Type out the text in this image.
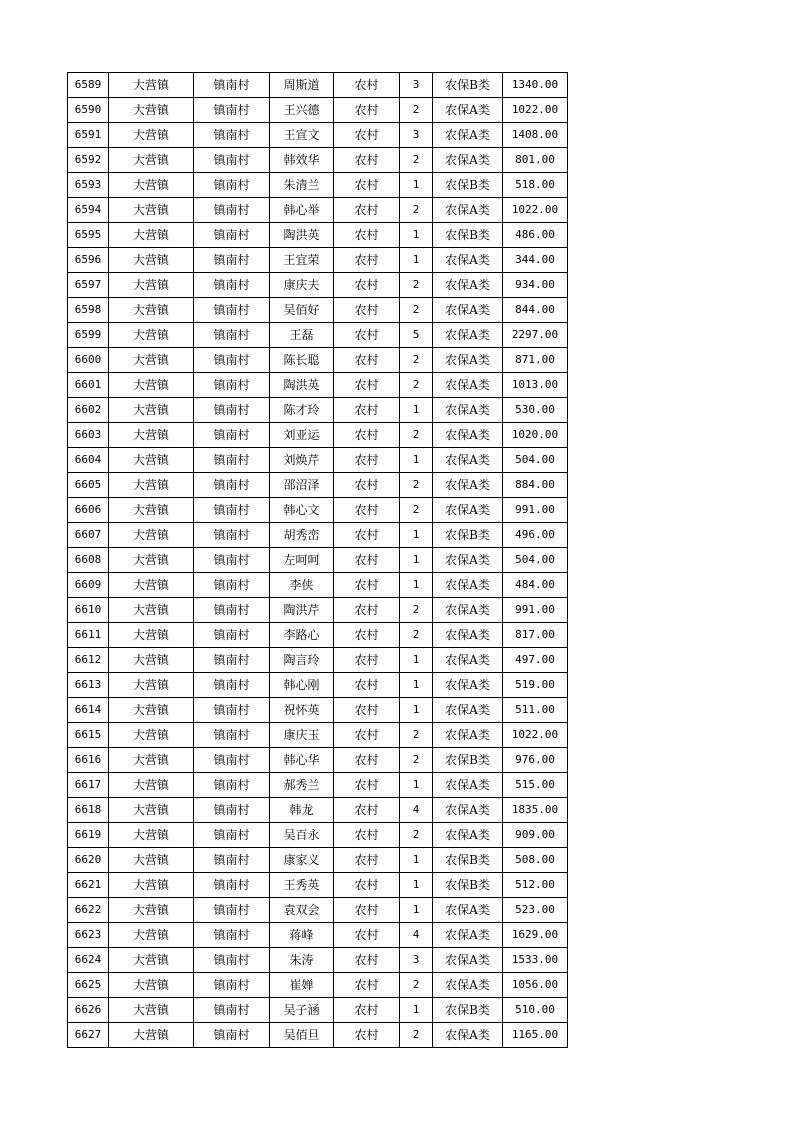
6589	大营镇	镇南村	周斯道	农村	3	农保B类	1340.00
6590	大营镇	镇南村	王兴德	农村	2	农保A类	1022.00
6591	大营镇	镇南村	王宣文	农村	3	农保A类	1408.00
6592	大营镇	镇南村	韩效华	农村	2	农保A类	801.00
6593	大营镇	镇南村	朱清兰	农村	1	农保B类	518.00
6594	大营镇	镇南村	韩心举	农村	2	农保A类	1022.00
6595	大营镇	镇南村	陶洪英	农村	1	农保B类	486.00
6596	大营镇	镇南村	王宜荣	农村	1	农保A类	344.00
6597	大营镇	镇南村	康庆夫	农村	2	农保A类	934.00
6598	大营镇	镇南村	吴佰好	农村	2	农保A类	844.00
6599	大营镇	镇南村	王磊	农村	5	农保A类	2297.00
6600	大营镇	镇南村	陈长聪	农村	2	农保A类	871.00
6601	大营镇	镇南村	陶洪英	农村	2	农保A类	1013.00
6602	大营镇	镇南村	陈才玲	农村	1	农保A类	530.00
6603	大营镇	镇南村	刘亚运	农村	2	农保A类	1020.00
6604	大营镇	镇南村	刘焕芹	农村	1	农保A类	504.00
6605	大营镇	镇南村	邵沼泽	农村	2	农保A类	884.00
6606	大营镇	镇南村	韩心文	农村	2	农保A类	991.00
6607	大营镇	镇南村	胡秀峦	农村	1	农保B类	496.00
6608	大营镇	镇南村	左呵呵	农村	1	农保A类	504.00
6609	大营镇	镇南村	李侠	农村	1	农保A类	484.00
6610	大营镇	镇南村	陶洪芹	农村	2	农保A类	991.00
6611	大营镇	镇南村	李路心	农村	2	农保A类	817.00
6612	大营镇	镇南村	陶言玲	农村	1	农保A类	497.00
6613	大营镇	镇南村	韩心刚	农村	1	农保A类	519.00
6614	大营镇	镇南村	祝怀英	农村	1	农保A类	511.00
6615	大营镇	镇南村	康庆玉	农村	2	农保A类	1022.00
6616	大营镇	镇南村	韩心华	农村	2	农保B类	976.00
6617	大营镇	镇南村	郝秀兰	农村	1	农保A类	515.00
6618	大营镇	镇南村	韩龙	农村	4	农保A类	1835.00
6619	大营镇	镇南村	吴百永	农村	2	农保A类	909.00
6620	大营镇	镇南村	康家义	农村	1	农保B类	508.00
6621	大营镇	镇南村	王秀英	农村	1	农保B类	512.00
6622	大营镇	镇南村	袁双会	农村	1	农保A类	523.00
6623	大营镇	镇南村	蒋峰	农村	4	农保A类	1629.00
6624	大营镇	镇南村	朱涛	农村	3	农保A类	1533.00
6625	大营镇	镇南村	崔婵	农村	2	农保A类	1056.00
6626	大营镇	镇南村	吴子涵	农村	1	农保B类	510.00
6627	大营镇	镇南村	吴佰旦	农村	2	农保A类	1165.00
